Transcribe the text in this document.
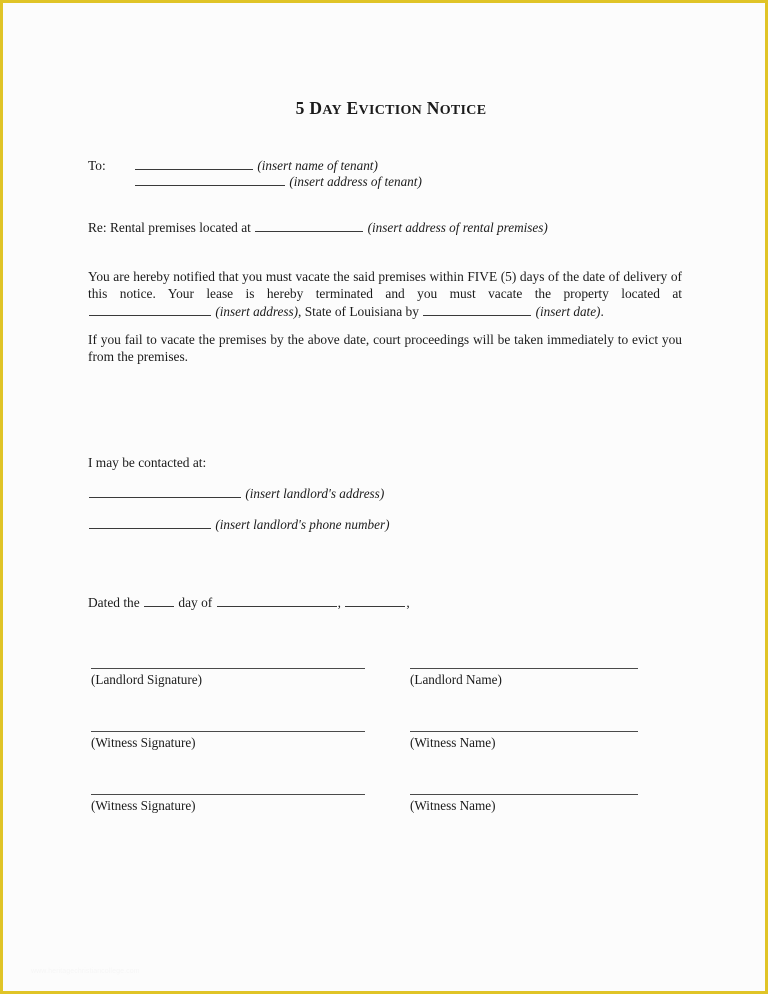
5 DAY EVICTION NOTICE
To:	(insert name of tenant)
(insert address of tenant)
Re: Rental premises located at	(insert address of rental premises)
You are hereby notified that you must vacate the said premises within FIVE (5) days of the date of delivery of this notice. Your lease is hereby terminated and you must vacate the property located at  (insert address), State of Louisiana by	(insert date).
If you fail to vacate the premises by the above date, court proceedings will be taken immediately to evict you from the premises.
I may be contacted at:
(insert landlord's address)
(insert landlord's phone number)
Dated the	day of	,	,
(Landlord Signature)	(Landlord Name)
(Witness Signature)	(Witness Name)
(Witness Signature)	(Witness Name)
www.heritagechristiancollege.com
